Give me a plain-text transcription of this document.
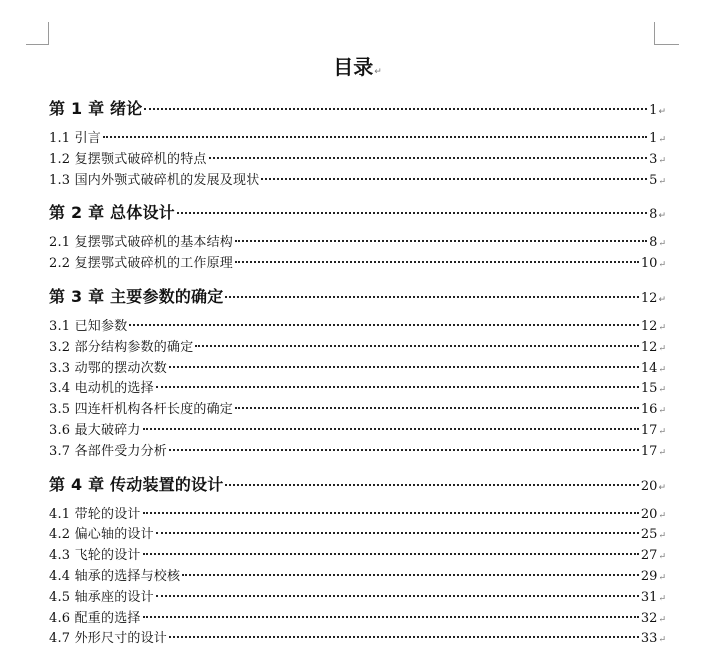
目录↵
第 1 章 绪论	1 ↵
1.1 引言	1 ↵
1.2 复摆颚式破碎机的特点	3 ↵
1.3 国内外颚式破碎机的发展及现状	5 ↵
第 2 章 总体设计	8 ↵
2.1 复摆鄂式破碎机的基本结构	8 ↵
2.2 复摆鄂式破碎机的工作原理	10 ↵
第 3 章 主要参数的确定	12 ↵
3.1 已知参数	12 ↵
3.2 部分结构参数的确定	12 ↵
3.3 动鄂的摆动次数	14 ↵
3.4 电动机的选择	15 ↵
3.5 四连杆机构各杆长度的确定	16 ↵
3.6 最大破碎力	17 ↵
3.7 各部件受力分析	17 ↵
第 4 章 传动装置的设计	20 ↵
4.1 带轮的设计	20 ↵
4.2 偏心轴的设计	25 ↵
4.3 飞轮的设计	27 ↵
4.4 轴承的选择与校核	29 ↵
4.5 轴承座的设计	31 ↵
4.6 配重的选择	32 ↵
4.7 外形尺寸的设计	33 ↵
